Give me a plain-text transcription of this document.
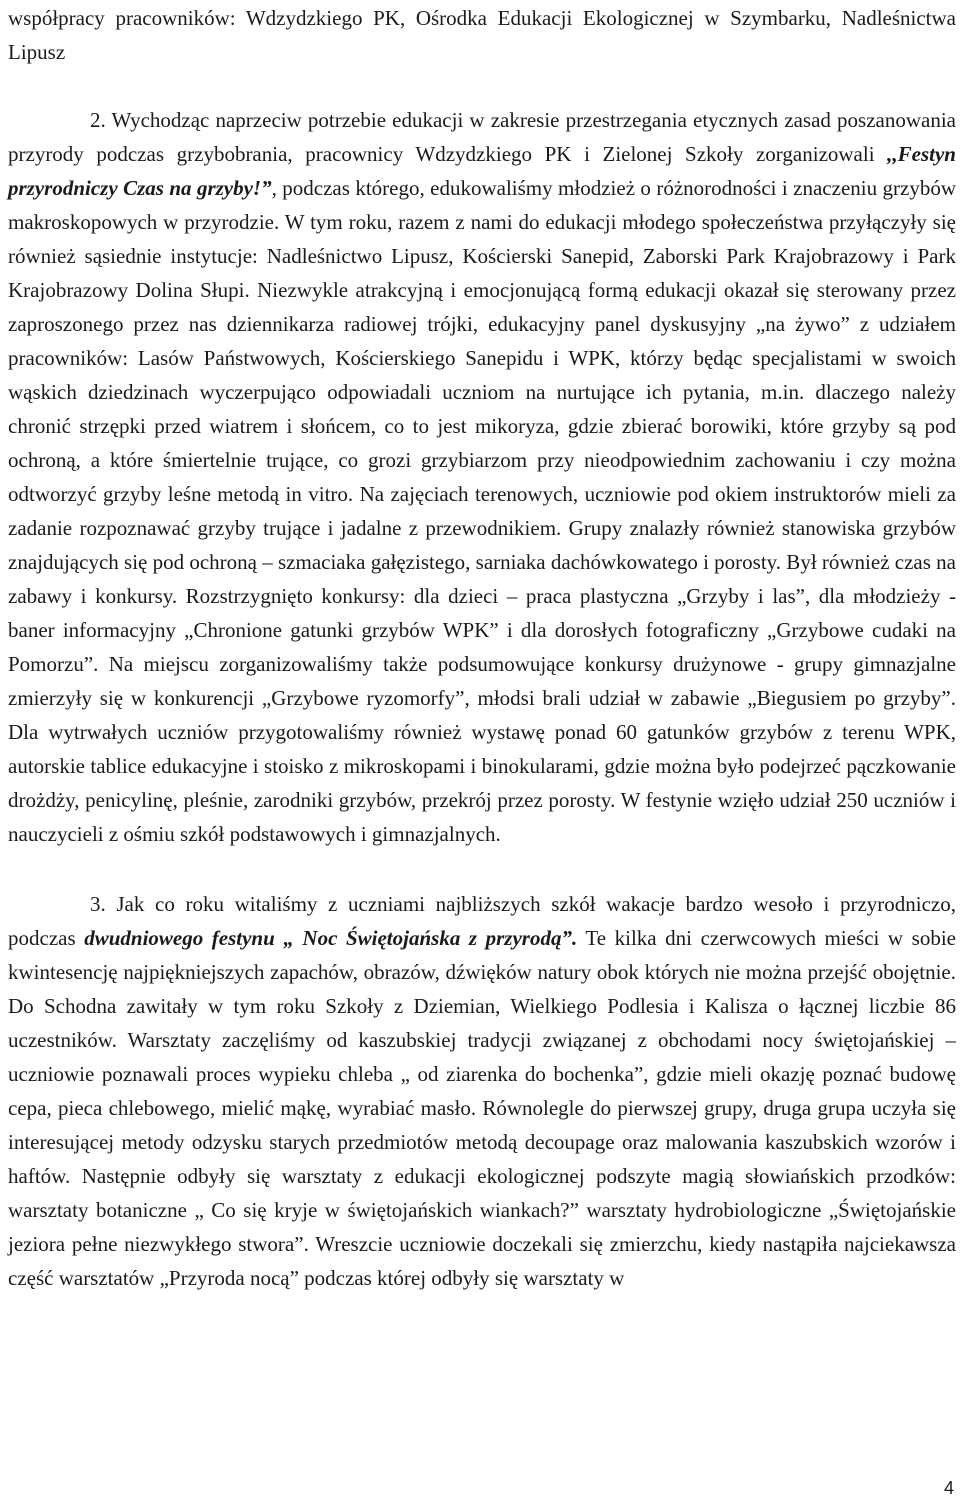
współpracy pracowników: Wdzydzkiego PK, Ośrodka Edukacji Ekologicznej w Szymbarku, Nadleśnictwa Lipusz

2. Wychodząc naprzeciw potrzebie edukacji w zakresie przestrzegania etycznych zasad poszanowania przyrody podczas grzybobrania, pracownicy Wdzydzkiego PK i Zielonej Szkoły zorganizowali ,,Festyn przyrodniczy Czas na grzyby!”, podczas którego, edukowaliśmy młodzież o różnorodności i znaczeniu grzybów makroskopowych w przyrodzie. W tym roku, razem z nami do edukacji młodego społeczeństwa przyłączyły się również sąsiednie instytucje: Nadleśnictwo Lipusz, Kościerski Sanepid, Zaborski Park Krajobrazowy i Park Krajobrazowy Dolina Słupi. Niezwykle atrakcyjną i emocjonującą formą edukacji okazał się sterowany przez zaproszonego przez nas dziennikarza radiowej trójki, edukacyjny panel dyskusyjny „na żywo” z udziałem pracowników: Lasów Państwowych, Kościerskiego Sanepidu i WPK, którzy będąc specjalistami w swoich wąskich dziedzinach wyczerpująco odpowiadali uczniom na nurtujące ich pytania, m.in. dlaczego należy chronić strzępki przed wiatrem i słońcem, co to jest mikoryza, gdzie zbierać borowiki, które grzyby są pod ochroną, a które śmiertelnie trujące, co grozi grzybiarzom przy nieodpowiednim zachowaniu i czy można odtworzyć grzyby leśne metodą in vitro. Na zajęciach terenowych, uczniowie pod okiem instruktorów mieli za zadanie rozpoznawać grzyby trujące i jadalne z przewodnikiem. Grupy znalazły również stanowiska grzybów znajdujących się pod ochroną – szmaciaka gałęzistego, sarniaka dachówkowatego i porosty. Był również czas na zabawy i konkursy. Rozstrzygnięto konkursy: dla dzieci – praca plastyczna „Grzyby i las”, dla młodzieży - baner informacyjny „Chronione gatunki grzybów WPK” i dla dorosłych fotograficzny „Grzybowe cudaki na Pomorzu”. Na miejscu zorganizowaliśmy także podsumowujące konkursy drużynowe - grupy gimnazjalne zmierzyły się w konkurencji „Grzybowe ryzomorfy”, młodsi brali udział w zabawie „Biegusiem po grzyby”. Dla wytrwałych uczniów przygotowaliśmy również wystawę ponad 60 gatunków grzybów z terenu WPK, autorskie tablice edukacyjne i stoisko z mikroskopami i binokularami, gdzie można było podejrzeć pączkowanie drożdży, penicylinę, pleśnie, zarodniki grzybów, przekrój przez porosty. W festynie wzięło udział 250 uczniów i nauczycieli z ośmiu szkół podstawowych i gimnazjalnych.

3. Jak co roku witaliśmy z uczniami najbliższych szkół wakacje bardzo wesoło i przyrodniczo, podczas dwudniowego festynu „ Noc Świętojańska z przyrodą”. Te kilka dni czerwcowych mieści w sobie kwintesencję najpiękniejszych zapachów, obrazów, dźwięków natury obok których nie można przejść obojętnie. Do Schodna zawitały w tym roku Szkoły z Dziemian, Wielkiego Podlesia i Kalisza o łącznej liczbie 86 uczestników. Warsztaty zaczęliśmy od kaszubskiej tradycji związanej z obchodami nocy świętojańskiej – uczniowie poznawali proces wypieku chleba „ od ziarenka do bochenka”, gdzie mieli okazję poznać budowę cepa, pieca chlebowego, mielić mąkę, wyrabiać masło. Równolegle do pierwszej grupy, druga grupa uczyła się interesującej metody odzysku starych przedmiotów metodą decoupage oraz malowania kaszubskich wzorów i haftów. Następnie odbyły się warsztaty z edukacji ekologicznej podszyte magią słowiańskich przodków: warsztaty botaniczne „ Co się kryje w świętojańskich wiankach?” warsztaty hydrobiologiczne „Świętojańskie jeziora pełne niezwykłego stwora”. Wreszcie uczniowie doczekali się zmierzchu, kiedy nastąpiła najciekawsza część warsztatów „Przyroda nocą” podczas której odbyły się warsztaty w

4
